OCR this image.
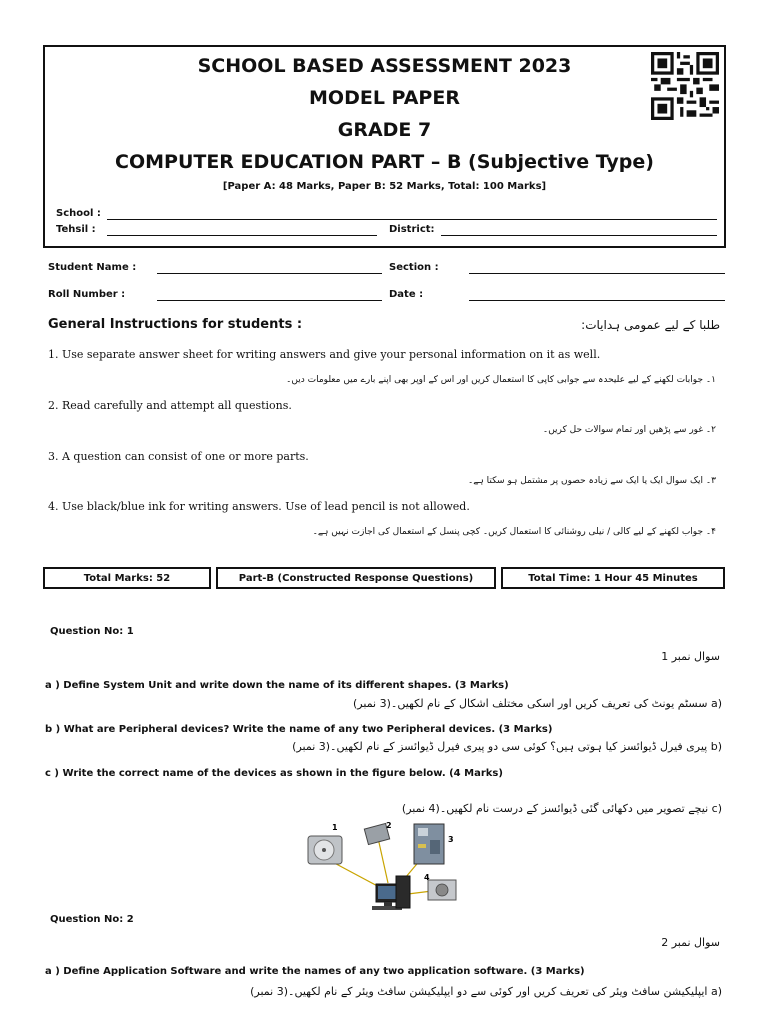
SCHOOL BASED ASSESSMENT 2023
MODEL PAPER
GRADE 7
COMPUTER EDUCATION PART – B (Subjective Type)
[Paper A: 48 Marks, Paper B: 52 Marks, Total: 100 Marks]
School :
Tehsil :	District:
Student Name :	Section :
Roll Number :	Date :
General Instructions for students :	طلبا کے لیے عمومی ہدایات:
1. Use separate answer sheet for writing answers and give your personal information on it as well.
۱۔ جوابات لکھنے کے لیے علیحدہ سے جوابی کاپی کا استعمال کریں اور اس کے اوپر بھی اپنے بارے میں معلومات دیں۔
2. Read carefully and attempt all questions.
۲۔ غور سے پڑھیں اور تمام سوالات حل کریں۔
3. A question can consist of one or more parts.
۳۔ ایک سوال ایک یا ایک سے زیادہ حصوں پر مشتمل ہو سکتا ہے۔
4. Use black/blue ink for writing answers. Use of lead pencil is not allowed.
۴۔ جواب لکھنے کے لیے کالی / نیلی روشنائی کا استعمال کریں۔ کچی پنسل کے استعمال کی اجازت نہیں ہے۔
Total Marks: 52	Part-B (Constructed Response Questions)	Total Time: 1 Hour 45 Minutes
Question No: 1
سوال نمبر 1
a ) Define System Unit and write down the name of its different shapes. (3 Marks)
(a سسٹم یونٹ کی تعریف کریں اور اسکی مختلف اشکال کے نام لکھیں۔(3 نمبر)
b ) What are Peripheral devices? Write the name of any two Peripheral devices. (3 Marks)
(b پیری فیرل ڈیوائسز کیا ہوتی ہیں؟ کوئی سی دو پیری فیرل ڈیوائسز کے نام لکھیں۔(3 نمبر)
c ) Write the correct name of the devices as shown in the figure below. (4 Marks)
(c نیچے تصویر میں دکھائی گئی ڈیوائسز کے درست نام لکھیں۔(4 نمبر)
1	2
3
4
Question No: 2
سوال نمبر 2
a ) Define Application Software and write the names of any two application software. (3 Marks)
(a ایپلیکیشن سافٹ ویئر کی تعریف کریں اور کوئی سے دو ایپلیکیشن سافٹ ویئر کے نام لکھیں۔(3 نمبر)
